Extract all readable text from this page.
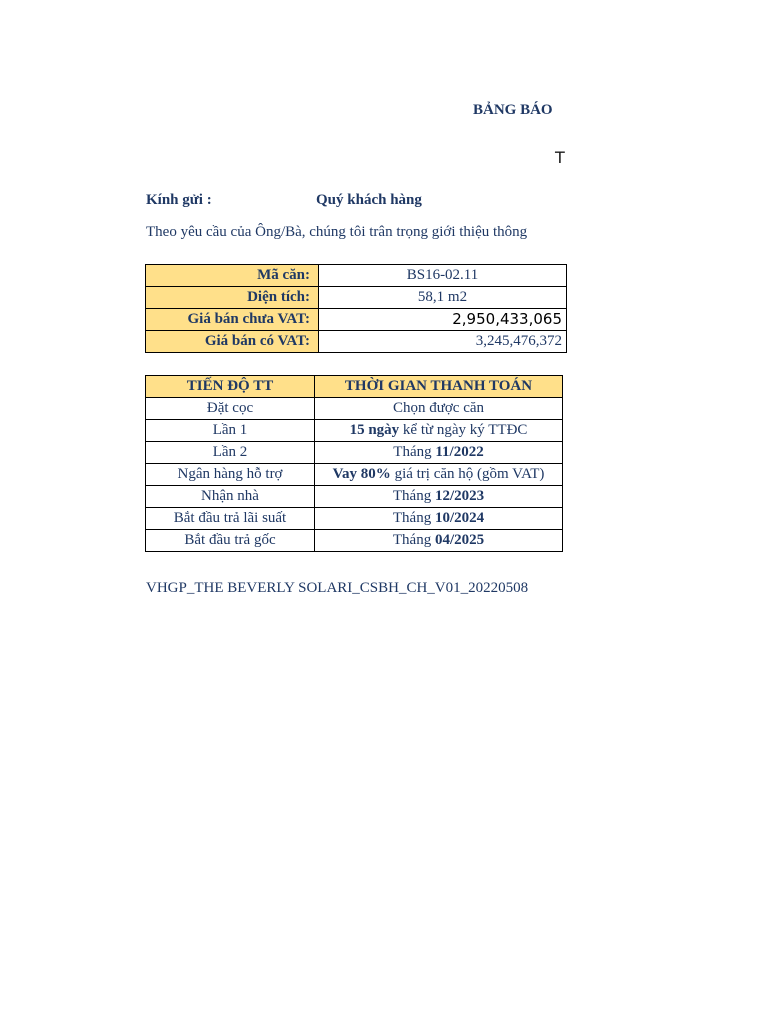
BẢNG BÁO
T
Kính gửi :	Quý khách hàng
Theo yêu cầu của Ông/Bà, chúng tôi trân trọng giới thiệu thông
Mã căn:	BS16-02.11
Diện tích:	58,1 m2
Giá bán chưa VAT:	2,950,433,065
Giá bán có VAT:	3,245,476,372
TIẾN ĐỘ TT	THỜI GIAN THANH TOÁN
Đặt cọc	Chọn được căn
Lần 1	15 ngày kể từ ngày ký TTĐC
Lần 2	Tháng 11/2022
Ngân hàng hỗ trợ	Vay 80% giá trị căn hộ (gồm VAT)
Nhận nhà	Tháng 12/2023
Bắt đầu trả lãi suất	Tháng 10/2024
Bắt đầu trả gốc	Tháng 04/2025
VHGP_THE BEVERLY SOLARI_CSBH_CH_V01_20220508
